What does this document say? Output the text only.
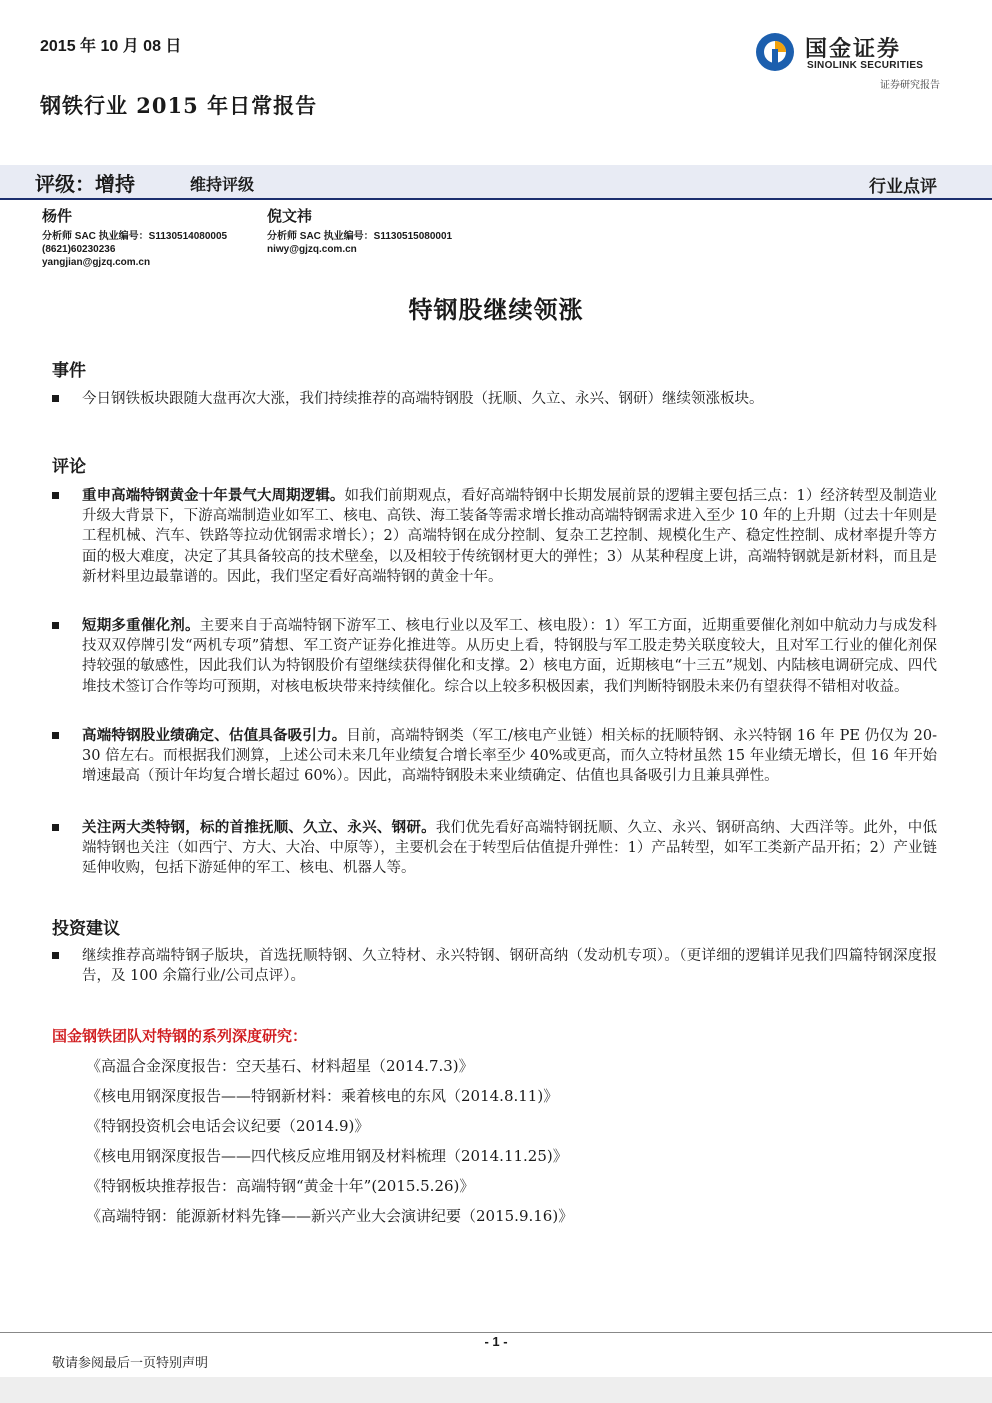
2015 年 10 月 08 日
钢铁行业 2015 年日常报告
国金证券
SINOLINK SECURITIES
证券研究报告
评级：增持	维持评级	行业点评
杨件
分析师 SAC 执业编号：S1130514080005
(8621)60230236
yangjian@gjzq.com.cn
倪文祎
分析师 SAC 执业编号：S1130515080001
niwy@gjzq.com.cn
特钢股继续领涨
事件
今日钢铁板块跟随大盘再次大涨，我们持续推荐的高端特钢股（抚顺、久立、永兴、钢研）继续领涨板块。
评论
重申高端特钢黄金十年景气大周期逻辑。如我们前期观点，看好高端特钢中长期发展前景的逻辑主要包括三点：1）经济转型及制造业升级大背景下，下游高端制造业如军工、核电、高铁、海工装备等需求增长推动高端特钢需求进入至少 10 年的上升期（过去十年则是工程机械、汽车、铁路等拉动优钢需求增长）；2）高端特钢在成分控制、复杂工艺控制、规模化生产、稳定性控制、成材率提升等方面的极大难度，决定了其具备较高的技术壁垒，以及相较于传统钢材更大的弹性；3）从某种程度上讲，高端特钢就是新材料，而且是新材料里边最靠谱的。因此，我们坚定看好高端特钢的黄金十年。
短期多重催化剂。主要来自于高端特钢下游军工、核电行业以及军工、核电股）：1）军工方面，近期重要催化剂如中航动力与成发科技双双停牌引发“两机专项”猜想、军工资产证券化推进等。从历史上看，特钢股与军工股走势关联度较大，且对军工行业的催化剂保持较强的敏感性，因此我们认为特钢股价有望继续获得催化和支撑。2）核电方面，近期核电“十三五”规划、内陆核电调研完成、四代堆技术签订合作等均可预期，对核电板块带来持续催化。综合以上较多积极因素，我们判断特钢股未来仍有望获得不错相对收益。
高端特钢股业绩确定、估值具备吸引力。目前，高端特钢类（军工/核电产业链）相关标的抚顺特钢、永兴特钢 16 年 PE 仍仅为 20-30 倍左右。而根据我们测算，上述公司未来几年业绩复合增长率至少 40%或更高，而久立特材虽然 15 年业绩无增长，但 16 年开始增速最高（预计年均复合增长超过 60%）。因此，高端特钢股未来业绩确定、估值也具备吸引力且兼具弹性。
关注两大类特钢，标的首推抚顺、久立、永兴、钢研。我们优先看好高端特钢抚顺、久立、永兴、钢研高纳、大西洋等。此外，中低端特钢也关注（如西宁、方大、大冶、中原等），主要机会在于转型后估值提升弹性：1）产品转型，如军工类新产品开拓；2）产业链延伸收购，包括下游延伸的军工、核电、机器人等。
投资建议
继续推荐高端特钢子版块，首选抚顺特钢、久立特材、永兴特钢、钢研高纳（发动机专项）。（更详细的逻辑详见我们四篇特钢深度报告，及 100 余篇行业/公司点评）。
国金钢铁团队对特钢的系列深度研究：
《高温合金深度报告：空天基石、材料超星（2014.7.3)》
《核电用钢深度报告——特钢新材料：乘着核电的东风（2014.8.11)》
《特钢投资机会电话会议纪要（2014.9)》
《核电用钢深度报告——四代核反应堆用钢及材料梳理（2014.11.25)》
《特钢板块推荐报告：高端特钢“黄金十年”(2015.5.26)》
《高端特钢：能源新材料先锋——新兴产业大会演讲纪要（2015.9.16)》
- 1 -
敬请参阅最后一页特别声明
